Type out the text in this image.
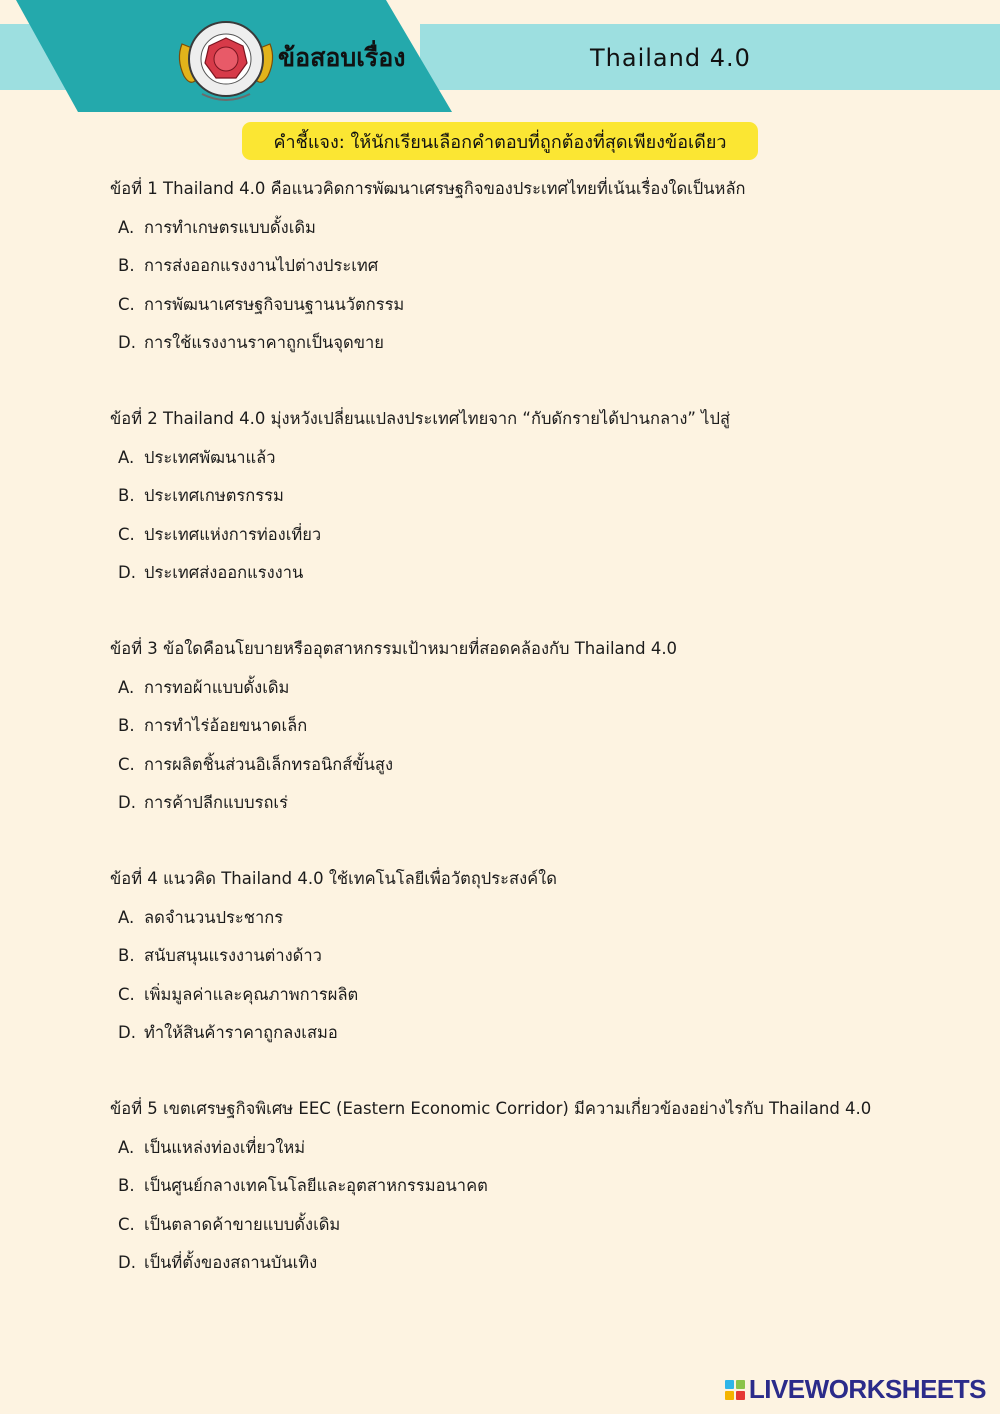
ข้อสอบเรื่อง	Thailand 4.0
คำชี้แจง: ให้นักเรียนเลือกคำตอบที่ถูกต้องที่สุดเพียงข้อเดียว

ข้อที่ 1 Thailand 4.0 คือแนวคิดการพัฒนาเศรษฐกิจของประเทศไทยที่เน้นเรื่องใดเป็นหลัก

A. การทำเกษตรแบบดั้งเดิม
B. การส่งออกแรงงานไปต่างประเทศ
C. การพัฒนาเศรษฐกิจบนฐานนวัตกรรม
D. การใช้แรงงานราคาถูกเป็นจุดขาย

ข้อที่ 2 Thailand 4.0 มุ่งหวังเปลี่ยนแปลงประเทศไทยจาก “กับดักรายได้ปานกลาง” ไปสู่

A. ประเทศพัฒนาแล้ว
B. ประเทศเกษตรกรรม
C. ประเทศแห่งการท่องเที่ยว
D. ประเทศส่งออกแรงงาน

ข้อที่ 3 ข้อใดคือนโยบายหรืออุตสาหกรรมเป้าหมายที่สอดคล้องกับ Thailand 4.0

A. การทอผ้าแบบดั้งเดิม
B. การทำไร่อ้อยขนาดเล็ก
C. การผลิตชิ้นส่วนอิเล็กทรอนิกส์ขั้นสูง
D. การค้าปลีกแบบรถเร่

ข้อที่ 4 แนวคิด Thailand 4.0 ใช้เทคโนโลยีเพื่อวัตถุประสงค์ใด

A. ลดจำนวนประชากร
B. สนับสนุนแรงงานต่างด้าว
C. เพิ่มมูลค่าและคุณภาพการผลิต
D. ทำให้สินค้าราคาถูกลงเสมอ

ข้อที่ 5 เขตเศรษฐกิจพิเศษ EEC (Eastern Economic Corridor) มีความเกี่ยวข้องอย่างไรกับ Thailand 4.0

A. เป็นแหล่งท่องเที่ยวใหม่
B. เป็นศูนย์กลางเทคโนโลยีและอุตสาหกรรมอนาคต
C. เป็นตลาดค้าขายแบบดั้งเดิม
D. เป็นที่ตั้งของสถานบันเทิง
LIVEWORKSHEETS
